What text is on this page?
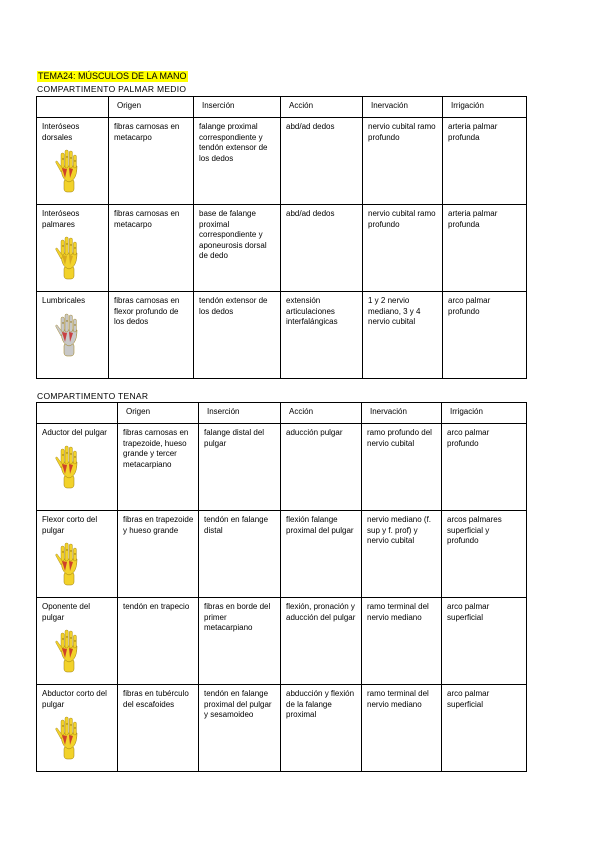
TEMA24: MÚSCULOS DE LA MANO
COMPARTIMENTO PALMAR MEDIO
	Origen	Inserción	Acción	Inervación	Irrigación
Interóseos dorsales	fibras carnosas en metacarpo	falange proximal correspondiente y tendón extensor de los dedos	abd/ad dedos	nervio cubital ramo profundo	arteria palmar profunda
Interóseos palmares	fibras carnosas en metacarpo	base de falange proximal correspondiente y aponeurosis dorsal de dedo	abd/ad dedos	nervio cubital ramo profundo	arteria palmar profunda
Lumbricales	fibras carnosas en flexor profundo de los dedos	tendón extensor de los dedos	extensión articulaciones interfalángicas	1 y 2 nervio mediano, 3 y 4 nervio cubital	arco palmar profundo
COMPARTIMENTO TENAR
	Origen	Inserción	Acción	Inervación	Irrigación
Aductor del pulgar	fibras carnosas en trapezoide, hueso grande y tercer metacarpiano	falange distal del pulgar	aducción pulgar	ramo profundo del nervio cubital	arco palmar profundo
Flexor corto del pulgar	fibras en trapezoide y hueso grande	tendón en falange distal	flexión falange proximal del pulgar	nervio mediano (f. sup y f. prof) y nervio cubital	arcos palmares superficial y profundo
Oponente del pulgar	tendón en trapecio	fibras en borde del primer metacarpiano	flexión, pronación y aducción del pulgar	ramo terminal del nervio mediano	arco palmar superficial
Abductor corto del pulgar	fibras en tubérculo del escafoides	tendón en falange proximal del pulgar y sesamoideo	abducción y flexión de la falange proximal	ramo terminal del nervio mediano	arco palmar superficial
